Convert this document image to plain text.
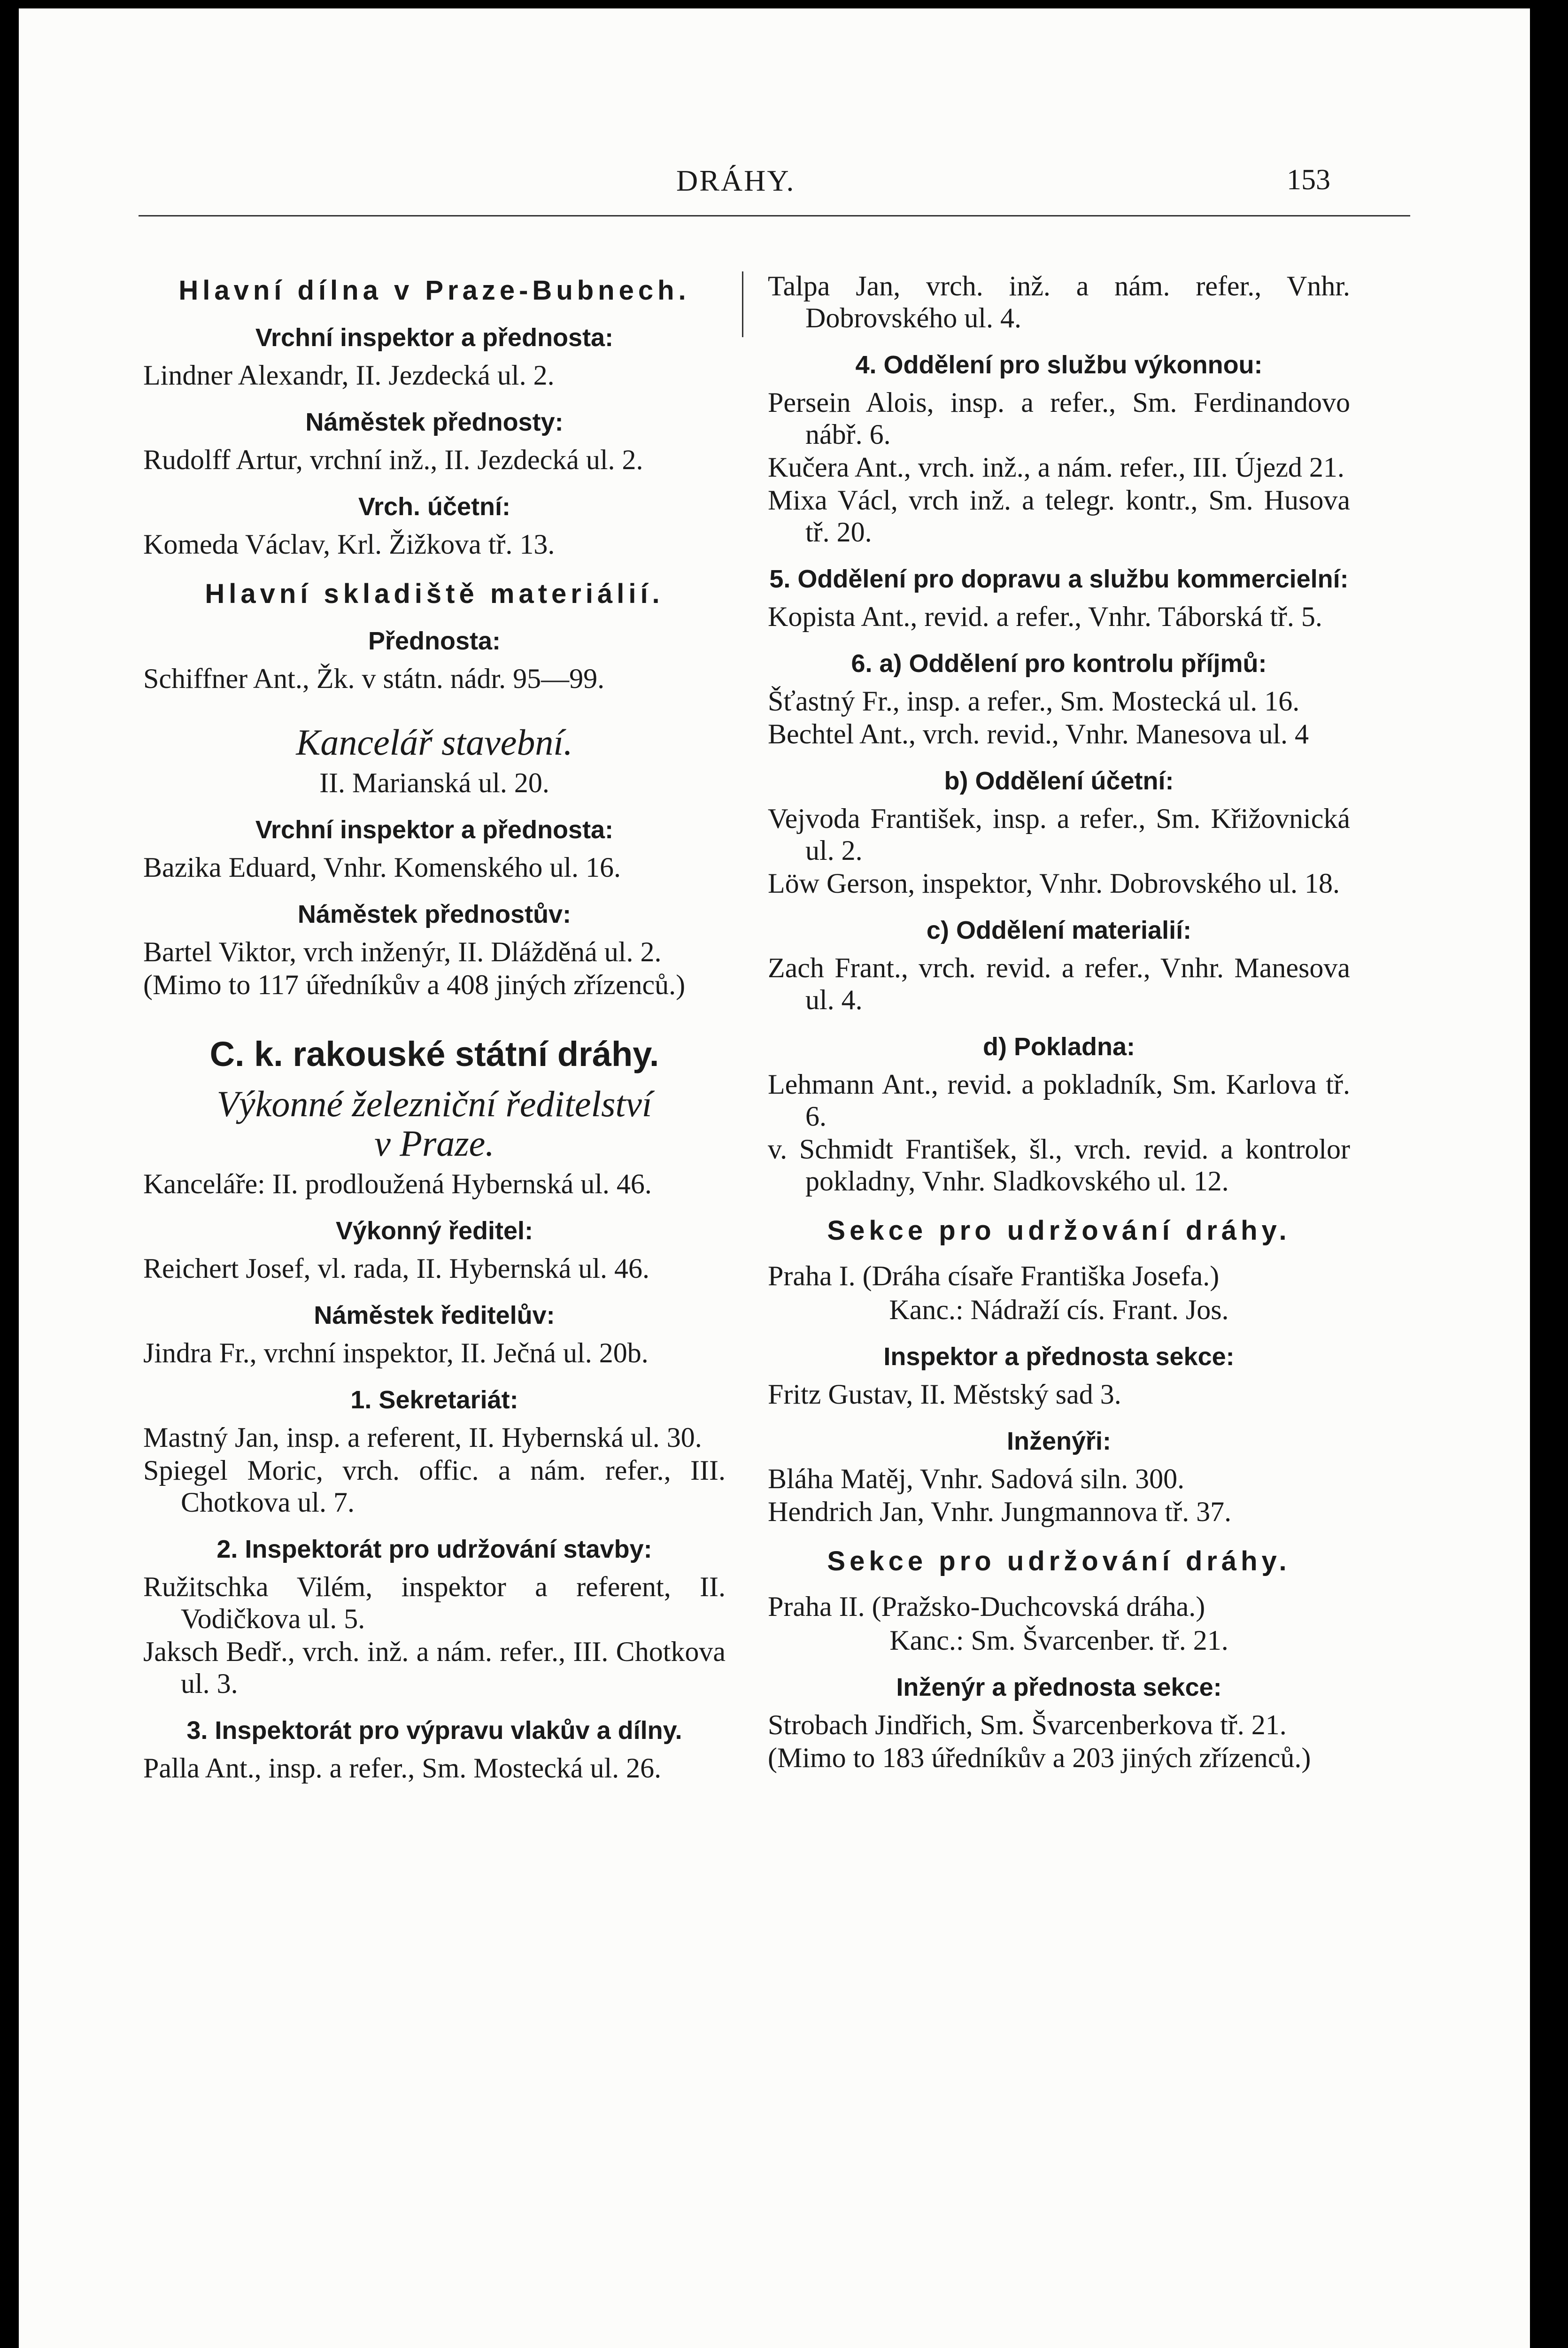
DRÁHY.	153
Hlavní dílna v Praze-Bubnech.
Vrchní inspektor a přednosta:
Lindner Alexandr, II. Jezdecká ul. 2.
Náměstek přednosty:
Rudolff Artur, vrchní inž., II. Jezdecká ul. 2.
Vrch. účetní:
Komeda Václav, Krl. Žižkova tř. 13.
Hlavní skladiště materiálií.
Přednosta:
Schiffner Ant., Žk. v státn. nádr. 95—99.
Kancelář stavební.
II. Marianská ul. 20.
Vrchní inspektor a přednosta:
Bazika Eduard, Vnhr. Komenského ul. 16.
Náměstek přednostův:
Bartel Viktor, vrch inženýr, II. Dlážděná ul. 2.
(Mimo to 117 úředníkův a 408 jiných zřízenců.)
C. k. rakouské státní dráhy.
Výkonné železniční ředitelství
v Praze.
Kanceláře: II. prodloužená Hybernská ul. 46.
Výkonný ředitel:
Reichert Josef, vl. rada, II. Hybernská ul. 46.
Náměstek ředitelův:
Jindra Fr., vrchní inspektor, II. Ječná ul. 20b.
1. Sekretariát:
Mastný Jan, insp. a referent, II. Hybernská ul. 30.
Spiegel Moric, vrch. offic. a nám. refer., III. Chotkova ul. 7.
2. Inspektorát pro udržování stavby:
Ružitschka Vilém, inspektor a referent, II. Vodičkova ul. 5.
Jaksch Bedř., vrch. inž. a nám. refer., III. Chotkova ul. 3.
3. Inspektorát pro výpravu vlakův a dílny.
Palla Ant., insp. a refer., Sm. Mostecká ul. 26.
Talpa Jan, vrch. inž. a nám. refer., Vnhr. Dobrovského ul. 4.
4. Oddělení pro službu výkonnou:
Persein Alois, insp. a refer., Sm. Ferdinandovo nábř. 6.
Kučera Ant., vrch. inž., a nám. refer., III. Újezd 21.
Mixa Václ, vrch inž. a telegr. kontr., Sm. Husova tř. 20.
5. Oddělení pro dopravu a službu kommercielní:
Kopista Ant., revid. a refer., Vnhr. Táborská tř. 5.
6. a) Oddělení pro kontrolu příjmů:
Šťastný Fr., insp. a refer., Sm. Mostecká ul. 16.
Bechtel Ant., vrch. revid., Vnhr. Manesova ul. 4
b) Oddělení účetní:
Vejvoda František, insp. a refer., Sm. Křižovnická ul. 2.
Löw Gerson, inspektor, Vnhr. Dobrovského ul. 18.
c) Oddělení materialií:
Zach Frant., vrch. revid. a refer., Vnhr. Manesova ul. 4.
d) Pokladna:
Lehmann Ant., revid. a pokladník, Sm. Karlova tř. 6.
v. Schmidt František, šl., vrch. revid. a kontrolor pokladny, Vnhr. Sladkovského ul. 12.
Sekce pro udržování dráhy.
Praha I. (Dráha císaře Františka Josefa.)
Kanc.: Nádraží cís. Frant. Jos.
Inspektor a přednosta sekce:
Fritz Gustav, II. Městský sad 3.
Inženýři:
Bláha Matěj, Vnhr. Sadová siln. 300.
Hendrich Jan, Vnhr. Jungmannova tř. 37.
Sekce pro udržování dráhy.
Praha II. (Pražsko-Duchcovská dráha.)
Kanc.: Sm. Švarcenber. tř. 21.
Inženýr a přednosta sekce:
Strobach Jindřich, Sm. Švarcenberkova tř. 21.
(Mimo to 183 úředníkův a 203 jiných zřízenců.)
